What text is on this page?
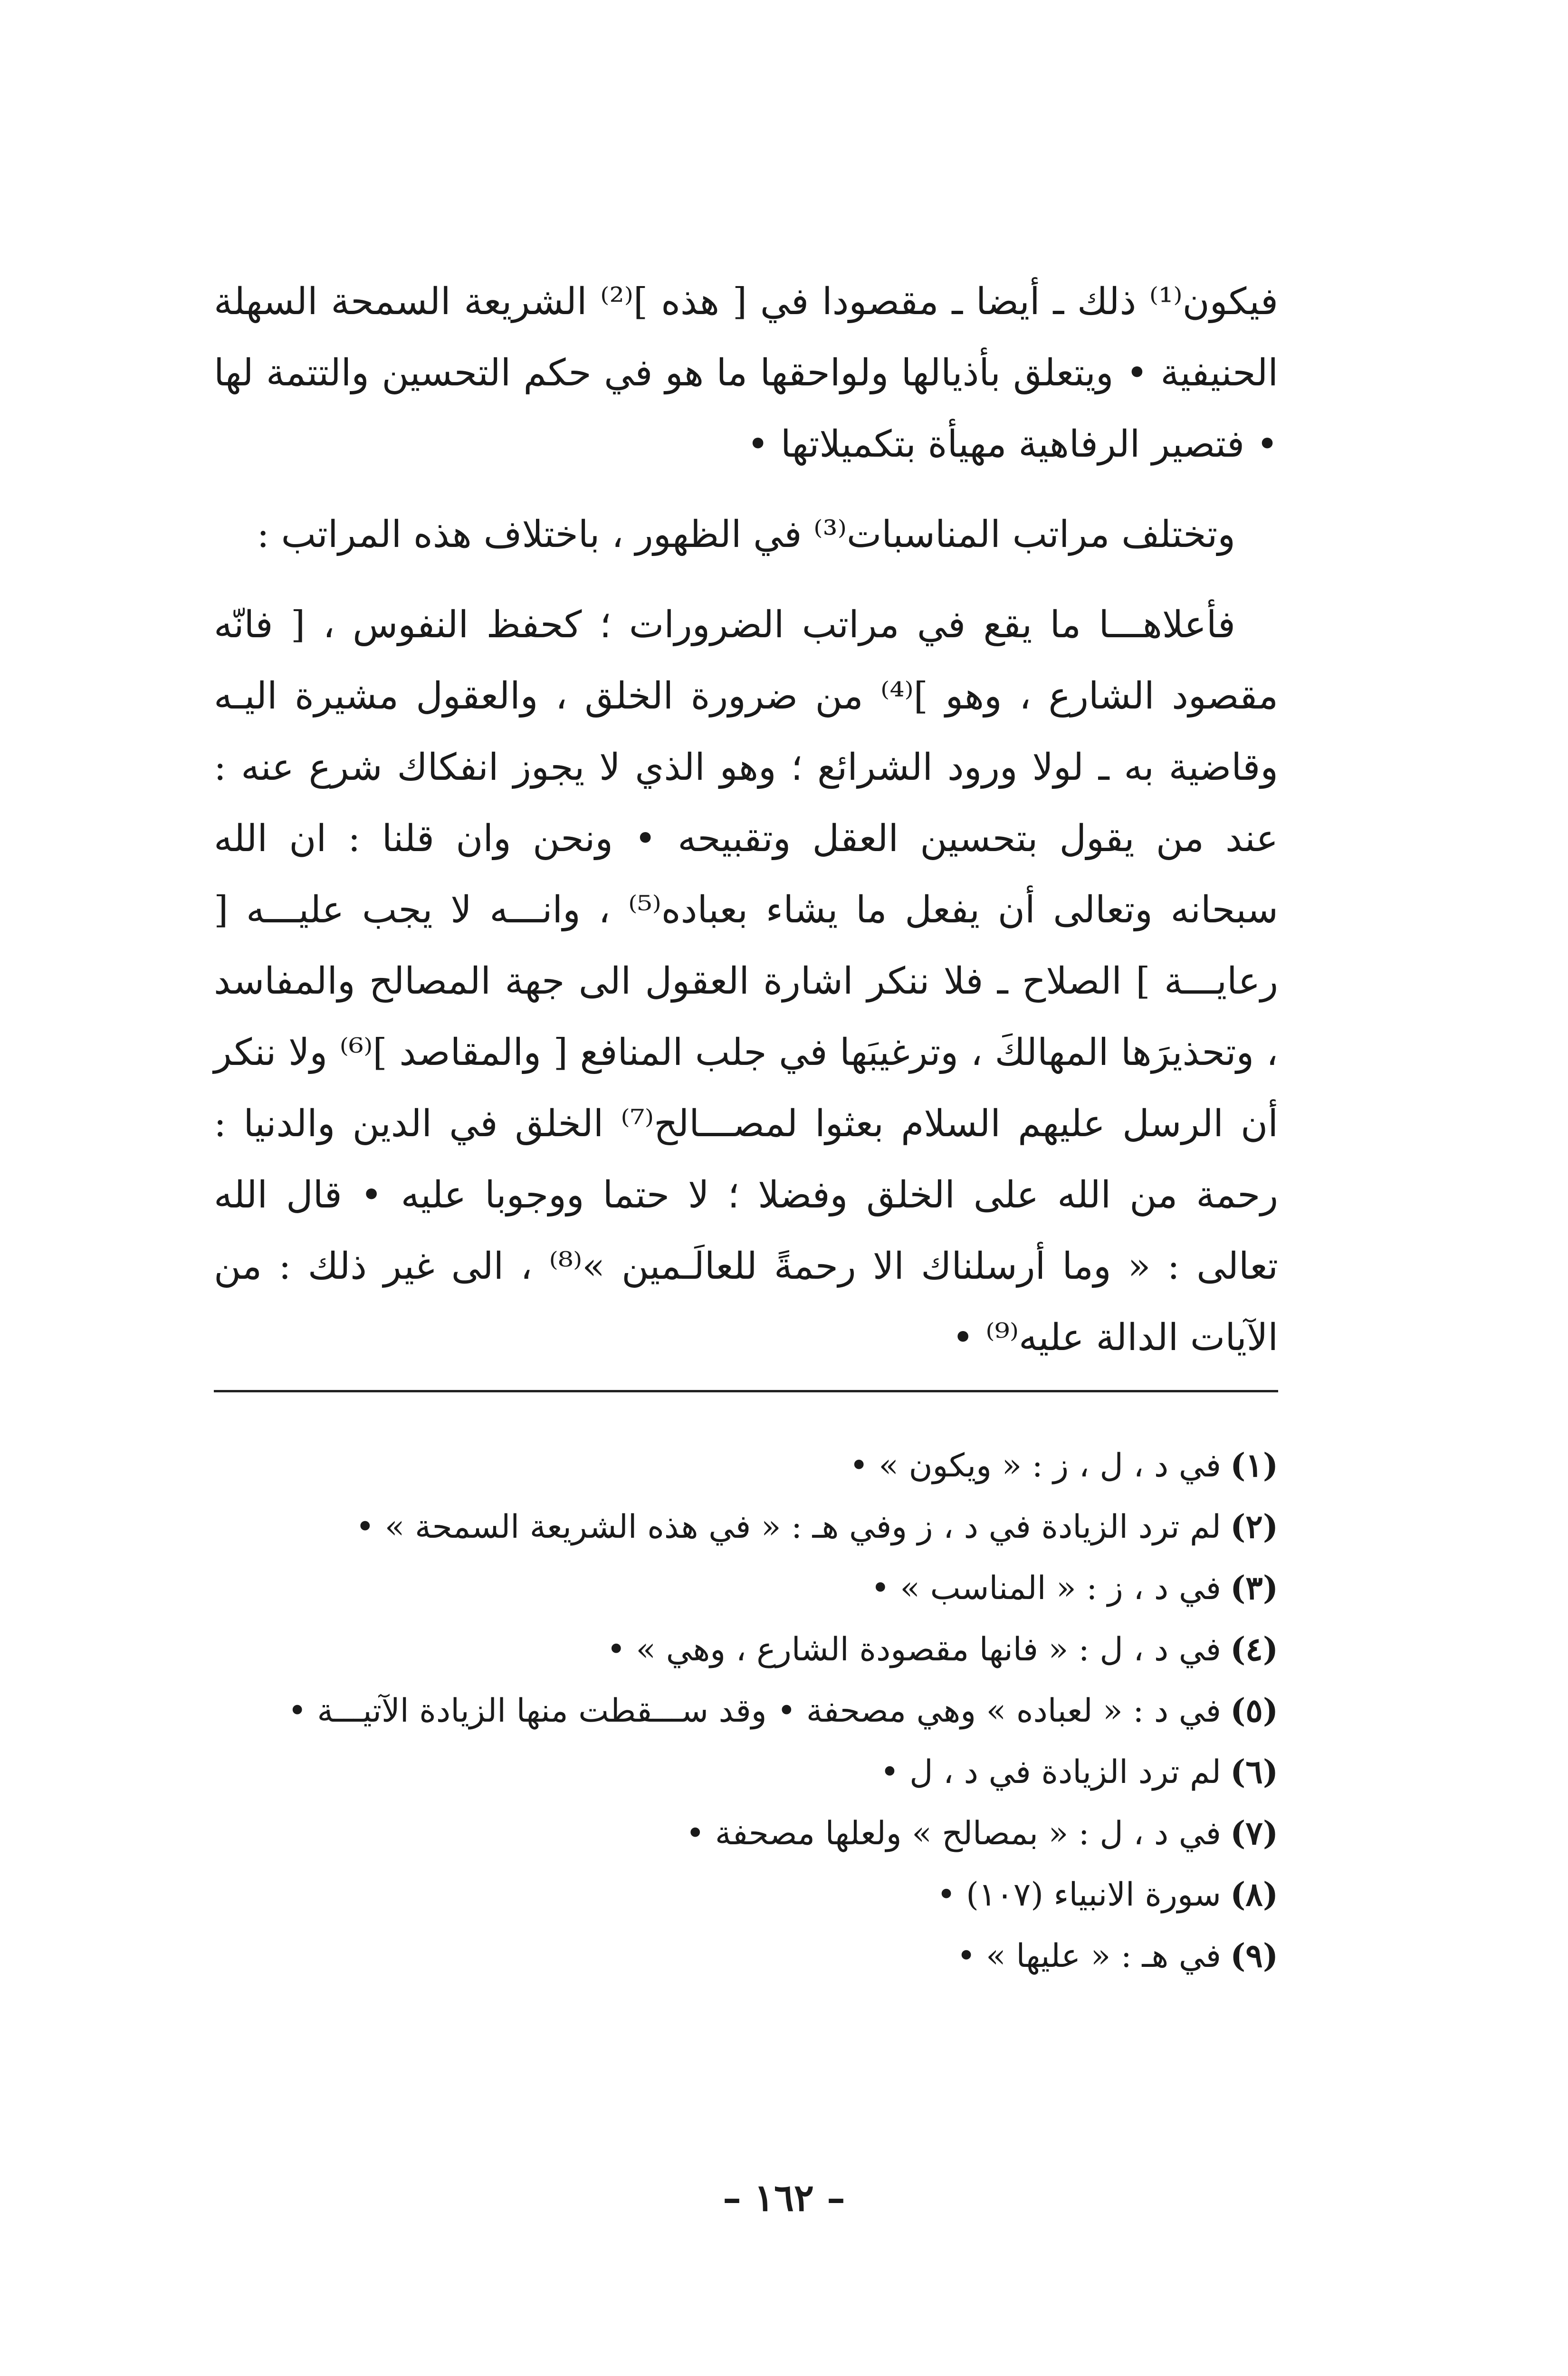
فيكون⁽¹⁾ ذلك ـ أيضا ـ مقصودا في [ هذه ]⁽²⁾ الشريعة السمحة السهلة الحنيفية • ويتعلق بأذيالها ولواحقها ما هو في حكم التحسين والتتمة لها • فتصير الرفاهية مهيأة بتكميلاتها •

وتختلف مراتب المناسبات⁽³⁾ في الظهور ، باختلاف هذه المراتب :

فأعلاهـــا ما يقع في مراتب الضرورات ؛ كحفظ النفوس ، [ فانّه مقصود الشارع ، وهو ]⁽⁴⁾ من ضرورة الخلق ، والعقول مشيرة اليـه وقاضية به ـ لولا ورود الشرائع ؛ وهو الذي لا يجوز انفكاك شرع عنه : عند من يقول بتحسين العقل وتقبيحه • ونحن وان قلنا : ان الله سبحانه وتعالى أن يفعل ما يشاء بعباده⁽⁵⁾ ، وانـــه لا يجب عليـــه [ رعايـــة ] الصلاح ـ فلا ننكر اشارة العقول الى جهة المصالح والمفاسد ، وتحذيرَها المهالكَ ، وترغيبَها في جلب المنافع [ والمقاصد ]⁽⁶⁾ ولا ننكر أن الرسل عليهم السلام بعثوا لمصـــالح⁽⁷⁾ الخلق في الدين والدنيا : رحمة من الله على الخلق وفضلا ؛ لا حتما ووجوبا عليه • قال الله تعالى : « وما أرسلناك الا رحمةً للعالَـمين »⁽⁸⁾ ، الى غير ذلك : من الآيات الدالة عليه⁽⁹⁾ •

(١)في د ، ل ، ز : « ويكون » •
(٢)لم ترد الزيادة في د ، ز وفي هـ : « في هذه الشريعة السمحة » •
(٣)في د ، ز : « المناسب » •
(٤)في د ، ل : « فانها مقصودة الشارع ، وهي » •
(٥)في د : « لعباده » وهي مصحفة • وقد ســـقطت منها الزيادة الآتيـــة •
(٦)لم ترد الزيادة في د ، ل •
(٧)في د ، ل : « بمصالح » ولعلها مصحفة •
(٨)سورة الانبياء (١٠٧) •
(٩)في هـ : « عليها » •
– ١٦٢ –
